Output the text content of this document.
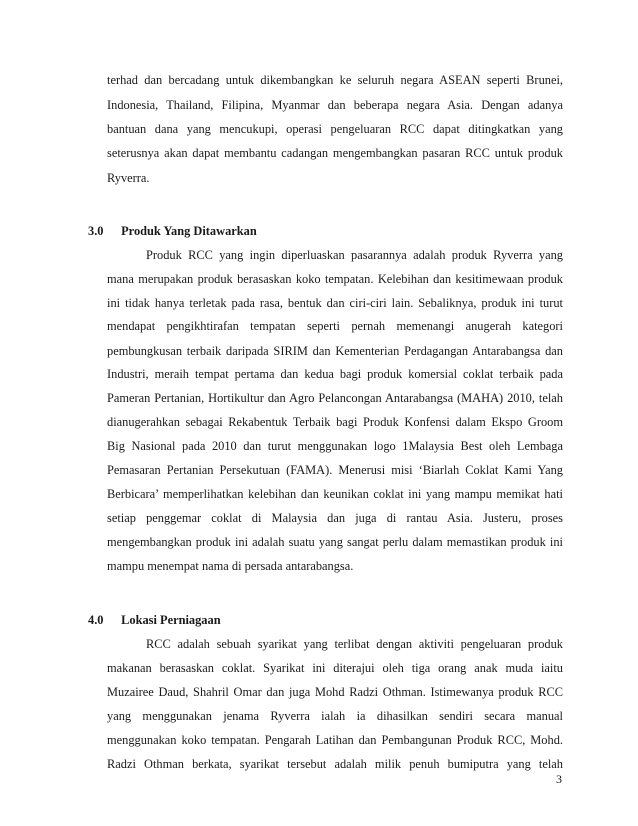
terhad dan bercadang untuk dikembangkan ke seluruh negara ASEAN seperti Brunei,
Indonesia, Thailand, Filipina, Myanmar dan beberapa negara Asia. Dengan adanya
bantuan dana yang mencukupi, operasi pengeluaran RCC dapat ditingkatkan yang
seterusnya akan dapat membantu cadangan mengembangkan pasaran RCC untuk produk
Ryverra.
3.0 Produk Yang Ditawarkan
Produk RCC yang ingin diperluaskan pasarannya adalah produk Ryverra yang
mana merupakan produk berasaskan koko tempatan. Kelebihan dan kesitimewaan produk
ini tidak hanya terletak pada rasa, bentuk dan ciri-ciri lain. Sebaliknya, produk ini turut
mendapat pengikhtirafan tempatan seperti pernah memenangi anugerah kategori
pembungkusan terbaik daripada SIRIM dan Kementerian Perdagangan Antarabangsa dan
Industri, meraih tempat pertama dan kedua bagi produk komersial coklat terbaik pada
Pameran Pertanian, Hortikultur dan Agro Pelancongan Antarabangsa (MAHA) 2010, telah
dianugerahkan sebagai Rekabentuk Terbaik bagi Produk Konfensi dalam Ekspo Groom
Big Nasional pada 2010 dan turut menggunakan logo 1Malaysia Best oleh Lembaga
Pemasaran Pertanian Persekutuan (FAMA). Menerusi misi ‘Biarlah Coklat Kami Yang
Berbicara’ memperlihatkan kelebihan dan keunikan coklat ini yang mampu memikat hati
setiap penggemar coklat di Malaysia dan juga di rantau Asia. Justeru, proses
mengembangkan produk ini adalah suatu yang sangat perlu dalam memastikan produk ini
mampu menempat nama di persada antarabangsa.
4.0 Lokasi Perniagaan
RCC adalah sebuah syarikat yang terlibat dengan aktiviti pengeluaran produk
makanan berasaskan coklat. Syarikat ini diterajui oleh tiga orang anak muda iaitu
Muzairee Daud, Shahril Omar dan juga Mohd Radzi Othman. Istimewanya produk RCC
yang menggunakan jenama Ryverra ialah ia dihasilkan sendiri secara manual
menggunakan koko tempatan. Pengarah Latihan dan Pembangunan Produk RCC, Mohd.
Radzi Othman berkata, syarikat tersebut adalah milik penuh bumiputra yang telah
3
